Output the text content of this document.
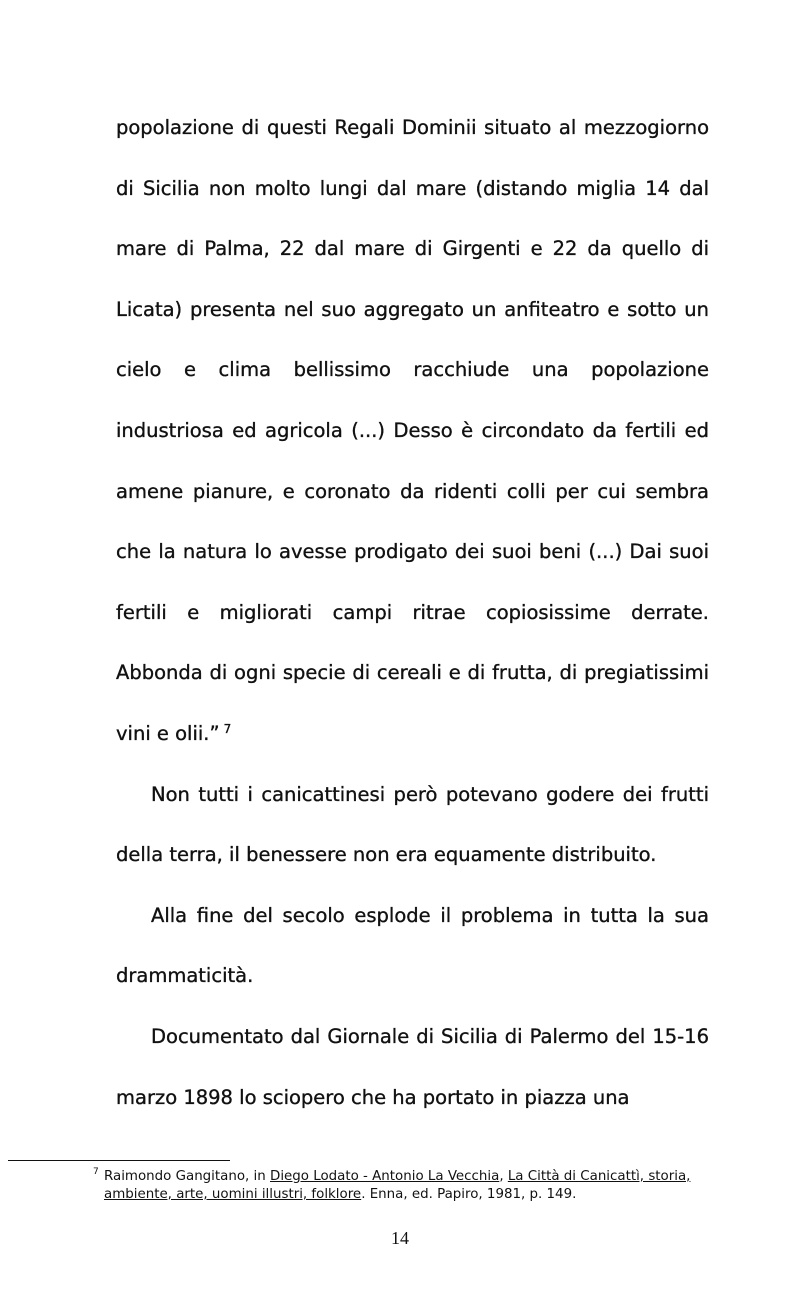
popolazione di questi Regali Dominii situato al mezzogiorno di Sicilia non molto lungi dal mare (distando miglia 14 dal mare di Palma, 22 dal mare di Girgenti e 22 da quello di Licata) presenta nel suo aggregato un anfiteatro e sotto un cielo e clima bellissimo racchiude una popolazione industriosa ed agricola (...) Desso è circondato da fertili ed amene pianure, e coronato da ridenti colli per cui sembra che la natura lo avesse prodigato dei suoi beni (...) Dai suoi fertili e migliorati campi ritrae copiosissime derrate. Abbonda di ogni specie di cereali e di frutta, di pregiatissimi vini e olii.” $^7$

Non tutti i canicattinesi però potevano godere dei frutti della terra, il benessere non era equamente distribuito.

Alla fine del secolo esplode il problema in tutta la sua drammaticità.

Documentato dal Giornale di Sicilia di Palermo del 15-16 marzo 1898 lo sciopero che ha portato in piazza una

7 Raimondo Gangitano, in Diego Lodato - Antonio La Vecchia, La Città di Canicattì, storia,
ambiente, arte, uomini illustri, folklore. Enna, ed. Papiro, 1981, p. 149.
14
